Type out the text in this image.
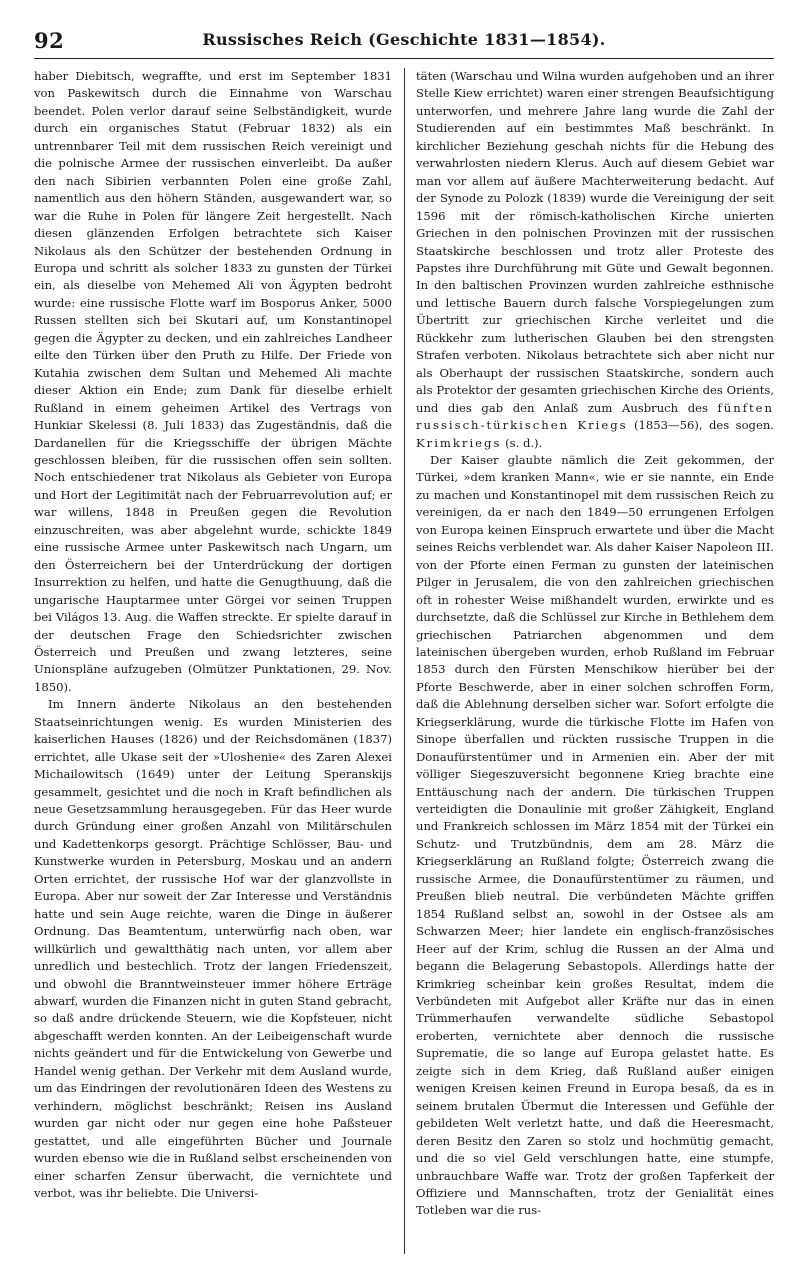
92	Russisches Reich (Geschichte 1831—1854).

haber Diebitsch, wegraffte, und erst im September 1831 von Paskewitsch durch die Einnahme von Warschau beendet. Polen verlor darauf seine Selbständigkeit, wurde durch ein organisches Statut (Februar 1832) als ein untrennbarer Teil mit dem russischen Reich vereinigt und die polnische Armee der russischen einverleibt. Da außer den nach Sibirien verbannten Polen eine große Zahl, namentlich aus den höhern Ständen, ausgewandert war, so war die Ruhe in Polen für längere Zeit hergestellt. Nach diesen glänzenden Erfolgen betrachtete sich Kaiser Nikolaus als den Schützer der bestehenden Ordnung in Europa und schritt als solcher 1833 zu gunsten der Türkei ein, als dieselbe von Mehemed Ali von Ägypten bedroht wurde: eine russische Flotte warf im Bosporus Anker, 5000 Russen stellten sich bei Skutari auf, um Konstantinopel gegen die Ägypter zu decken, und ein zahlreiches Landheer eilte den Türken über den Pruth zu Hilfe. Der Friede von Kutahia zwischen dem Sultan und Mehemed Ali machte dieser Aktion ein Ende; zum Dank für dieselbe erhielt Rußland in einem geheimen Artikel des Vertrags von Hunkiar Skelessi (8. Juli 1833) das Zugeständnis, daß die Dardanellen für die Kriegsschiffe der übrigen Mächte geschlossen bleiben, für die russischen offen sein sollten. Noch entschiedener trat Nikolaus als Gebieter von Europa und Hort der Legitimität nach der Februarrevolution auf; er war willens, 1848 in Preußen gegen die Revolution einzuschreiten, was aber abgelehnt wurde, schickte 1849 eine russische Armee unter Paskewitsch nach Ungarn, um den Österreichern bei der Unterdrückung der dortigen Insurrektion zu helfen, und hatte die Genugthuung, daß die ungarische Hauptarmee unter Görgei vor seinen Truppen bei Világos 13. Aug. die Waffen streckte. Er spielte darauf in der deutschen Frage den Schiedsrichter zwischen Österreich und Preußen und zwang letzteres, seine Unionspläne aufzugeben (Olmützer Punktationen, 29. Nov. 1850).

Im Innern änderte Nikolaus an den bestehenden Staatseinrichtungen wenig. Es wurden Ministerien des kaiserlichen Hauses (1826) und der Reichsdomänen (1837) errichtet, alle Ukase seit der »Uloshenie« des Zaren Alexei Michailowitsch (1649) unter der Leitung Speranskijs gesammelt, gesichtet und die noch in Kraft befindlichen als neue Gesetzsammlung herausgegeben. Für das Heer wurde durch Gründung einer großen Anzahl von Militärschulen und Kadettenkorps gesorgt. Prächtige Schlösser, Bau- und Kunstwerke wurden in Petersburg, Moskau und an andern Orten errichtet, der russische Hof war der glanzvollste in Europa. Aber nur soweit der Zar Interesse und Verständnis hatte und sein Auge reichte, waren die Dinge in äußerer Ordnung. Das Beamtentum, unterwürfig nach oben, war willkürlich und gewaltthätig nach unten, vor allem aber unredlich und bestechlich. Trotz der langen Friedenszeit, und obwohl die Branntweinsteuer immer höhere Erträge abwarf, wurden die Finanzen nicht in guten Stand gebracht, so daß andre drückende Steuern, wie die Kopfsteuer, nicht abgeschafft werden konnten. An der Leibeigenschaft wurde nichts geändert und für die Entwickelung von Gewerbe und Handel wenig gethan. Der Verkehr mit dem Ausland wurde, um das Eindringen der revolutionären Ideen des Westens zu verhindern, möglichst beschränkt; Reisen ins Ausland wurden gar nicht oder nur gegen eine hohe Paßsteuer gestattet, und alle eingeführten Bücher und Journale wurden ebenso wie die in Rußland selbst erscheinenden von einer scharfen Zensur überwacht, die vernichtete und verbot, was ihr beliebte. Die Universi-

täten (Warschau und Wilna wurden aufgehoben und an ihrer Stelle Kiew errichtet) waren einer strengen Beaufsichtigung unterworfen, und mehrere Jahre lang wurde die Zahl der Studierenden auf ein bestimmtes Maß beschränkt. In kirchlicher Beziehung geschah nichts für die Hebung des verwahrlosten niedern Klerus. Auch auf diesem Gebiet war man vor allem auf äußere Machterweiterung bedacht. Auf der Synode zu Polozk (1839) wurde die Vereinigung der seit 1596 mit der römisch-katholischen Kirche unierten Griechen in den polnischen Provinzen mit der russischen Staatskirche beschlossen und trotz aller Proteste des Papstes ihre Durchführung mit Güte und Gewalt begonnen. In den baltischen Provinzen wurden zahlreiche esthnische und lettische Bauern durch falsche Vorspiegelungen zum Übertritt zur griechischen Kirche verleitet und die Rückkehr zum lutherischen Glauben bei den strengsten Strafen verboten. Nikolaus betrachtete sich aber nicht nur als Oberhaupt der russischen Staatskirche, sondern auch als Protektor der gesamten griechischen Kirche des Orients, und dies gab den Anlaß zum Ausbruch des fünften russisch-türkischen Kriegs (1853—56), des sogen. Krimkriegs (s. d.).

Der Kaiser glaubte nämlich die Zeit gekommen, der Türkei, »dem kranken Mann«, wie er sie nannte, ein Ende zu machen und Konstantinopel mit dem russischen Reich zu vereinigen, da er nach den 1849—50 errungenen Erfolgen von Europa keinen Einspruch erwartete und über die Macht seines Reichs verblendet war. Als daher Kaiser Napoleon III. von der Pforte einen Ferman zu gunsten der lateinischen Pilger in Jerusalem, die von den zahlreichen griechischen oft in rohester Weise mißhandelt wurden, erwirkte und es durchsetzte, daß die Schlüssel zur Kirche in Bethlehem dem griechischen Patriarchen abgenommen und dem lateinischen übergeben wurden, erhob Rußland im Februar 1853 durch den Fürsten Menschikow hierüber bei der Pforte Beschwerde, aber in einer solchen schroffen Form, daß die Ablehnung derselben sicher war. Sofort erfolgte die Kriegserklärung, wurde die türkische Flotte im Hafen von Sinope überfallen und rückten russische Truppen in die Donaufürstentümer und in Armenien ein. Aber der mit völliger Siegeszuversicht begonnene Krieg brachte eine Enttäuschung nach der andern. Die türkischen Truppen verteidigten die Donaulinie mit großer Zähigkeit, England und Frankreich schlossen im März 1854 mit der Türkei ein Schutz- und Trutzbündnis, dem am 28. März die Kriegserklärung an Rußland folgte; Österreich zwang die russische Armee, die Donaufürstentümer zu räumen, und Preußen blieb neutral. Die verbündeten Mächte griffen 1854 Rußland selbst an, sowohl in der Ostsee als am Schwarzen Meer; hier landete ein englisch-französisches Heer auf der Krim, schlug die Russen an der Alma und begann die Belagerung Sebastopols. Allerdings hatte der Krimkrieg scheinbar kein großes Resultat, indem die Verbündeten mit Aufgebot aller Kräfte nur das in einen Trümmerhaufen verwandelte südliche Sebastopol eroberten, vernichtete aber dennoch die russische Suprematie, die so lange auf Europa gelastet hatte. Es zeigte sich in dem Krieg, daß Rußland außer einigen wenigen Kreisen keinen Freund in Europa besaß, da es in seinem brutalen Übermut die Interessen und Gefühle der gebildeten Welt verletzt hatte, und daß die Heeresmacht, deren Besitz den Zaren so stolz und hochmütig gemacht, und die so viel Geld verschlungen hatte, eine stumpfe, unbrauchbare Waffe war. Trotz der großen Tapferkeit der Offiziere und Mannschaften, trotz der Genialität eines Totleben war die rus-
